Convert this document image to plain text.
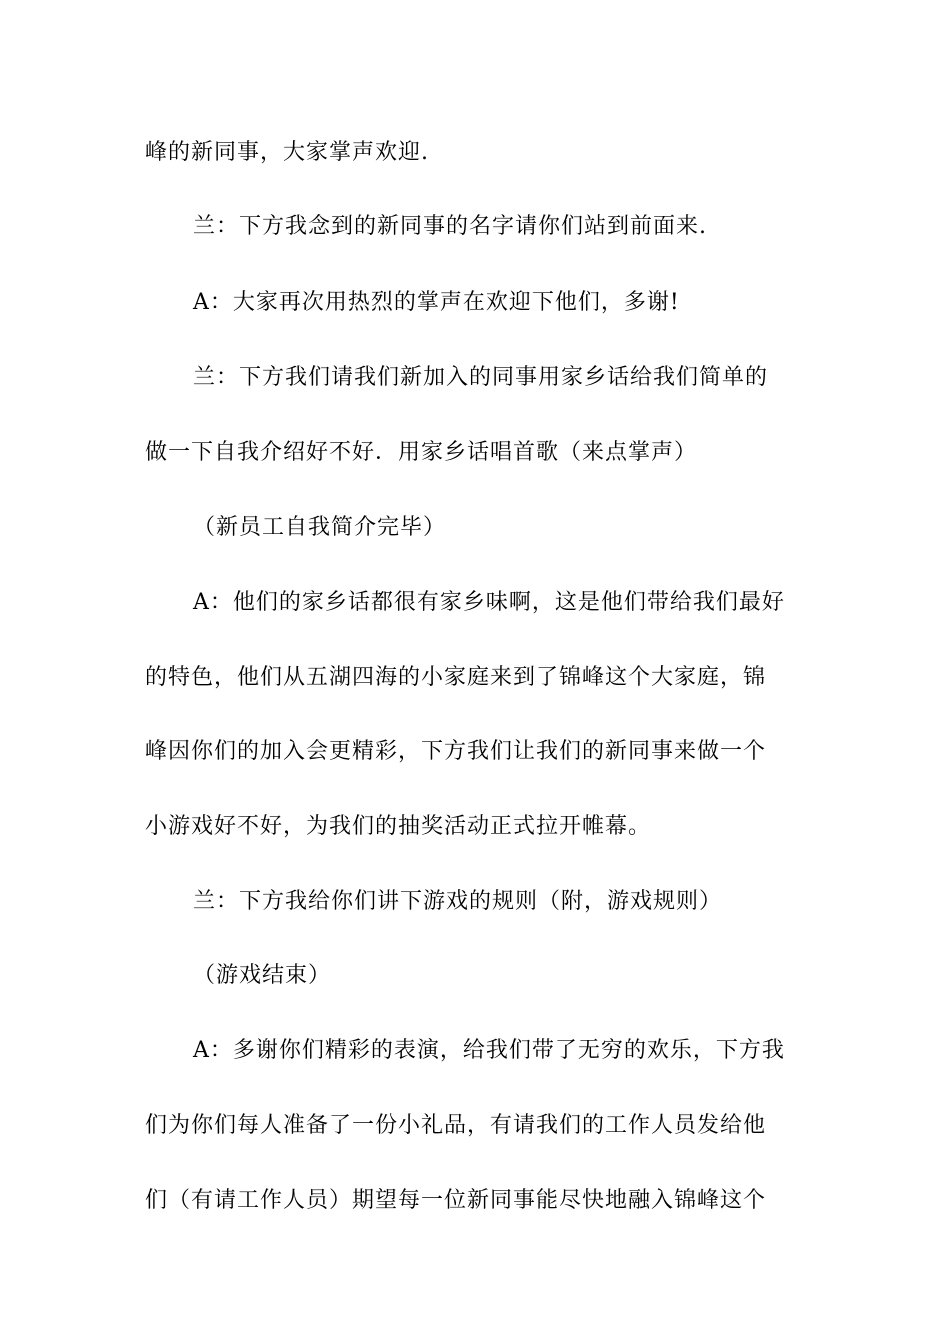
峰的新同事，大家掌声欢迎.
兰：下方我念到的新同事的名字请你们站到前面来.
A：大家再次用热烈的掌声在欢迎下他们，多谢!
兰：下方我们请我们新加入的同事用家乡话给我们简单的
做一下自我介绍好不好．用家乡话唱首歌（来点掌声）
（新员工自我简介完毕）
A：他们的家乡话都很有家乡味啊，这是他们带给我们最好
的特色，他们从五湖四海的小家庭来到了锦峰这个大家庭，锦
峰因你们的加入会更精彩，下方我们让我们的新同事来做一个
小游戏好不好，为我们的抽奖活动正式拉开帷幕。
兰：下方我给你们讲下游戏的规则（附，游戏规则）
（游戏结束）
A：多谢你们精彩的表演，给我们带了无穷的欢乐，下方我
们为你们每人准备了一份小礼品，有请我们的工作人员发给他
们（有请工作人员）期望每一位新同事能尽快地融入锦峰这个
